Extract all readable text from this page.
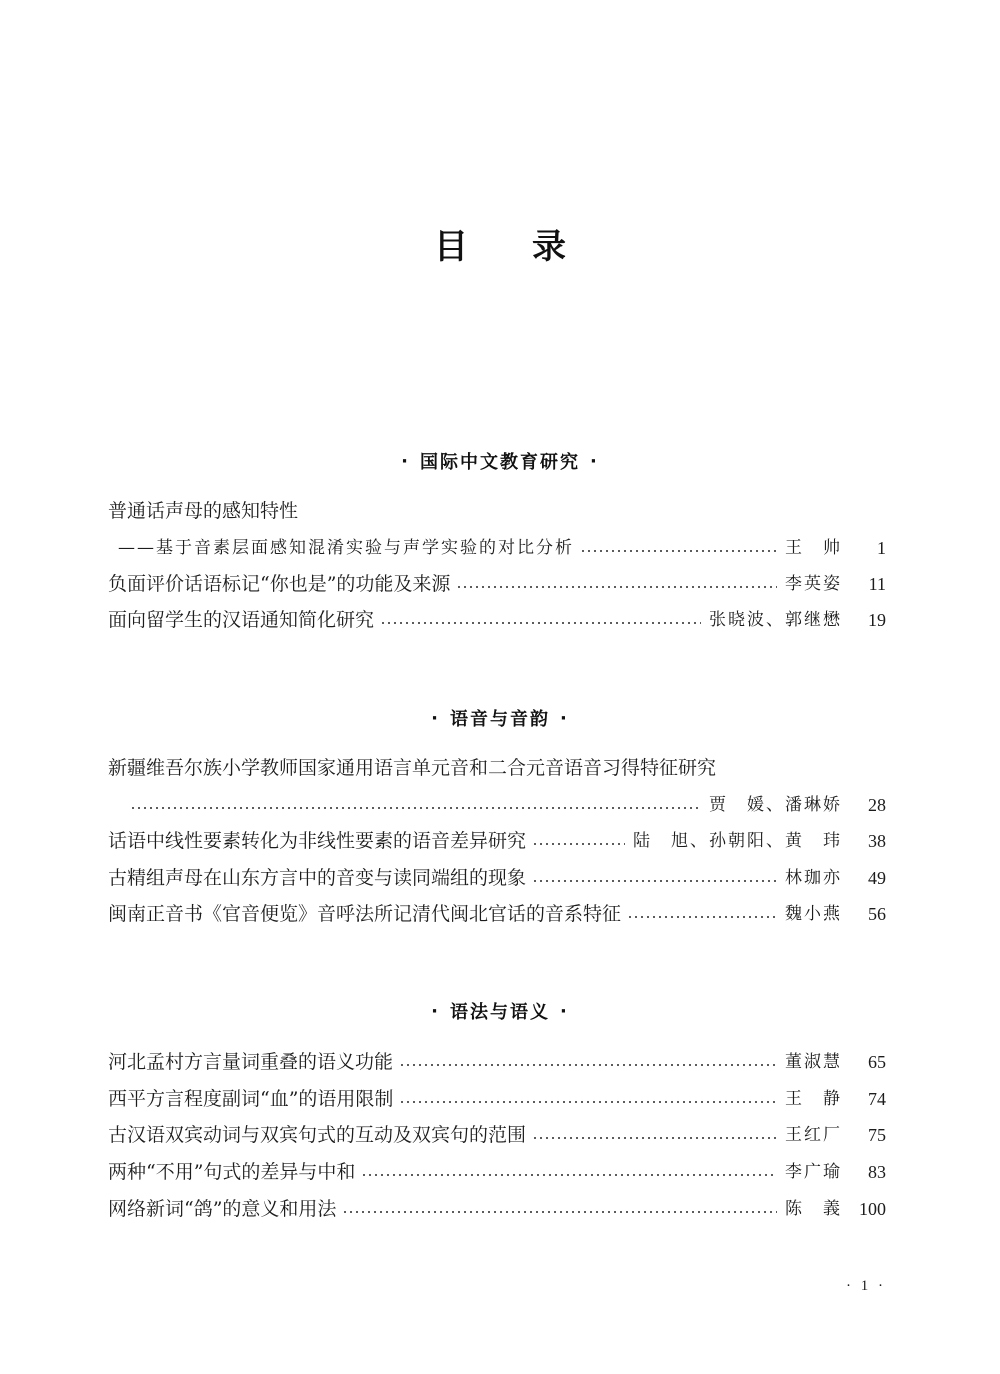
目 录
· 国际中文教育研究 ·
普通话声母的感知特性
——基于音素层面感知混淆实验与声学实验的对比分析	王　帅	1
负面评价话语标记“你也是”的功能及来源	李英姿	11
面向留学生的汉语通知简化研究	张晓波、郭继懋	19
· 语音与音韵 ·
新疆维吾尔族小学教师国家通用语言单元音和二合元音语音习得特征研究
贾　媛、潘琳娇	28
话语中线性要素转化为非线性要素的语音差异研究	陆　旭、孙朝阳、黄　玮	38
古精组声母在山东方言中的音变与读同端组的现象	林珈亦	49
闽南正音书《官音便览》音呼法所记清代闽北官话的音系特征	魏小燕	56
· 语法与语义 ·
河北孟村方言量词重叠的语义功能	董淑慧	65
西平方言程度副词“血”的语用限制	王　静	74
古汉语双宾动词与双宾句式的互动及双宾句的范围	王红厂	75
两种“不用”句式的差异与中和	李广瑜	83
网络新词“鸽”的意义和用法	陈　義 100
· 1 ·
